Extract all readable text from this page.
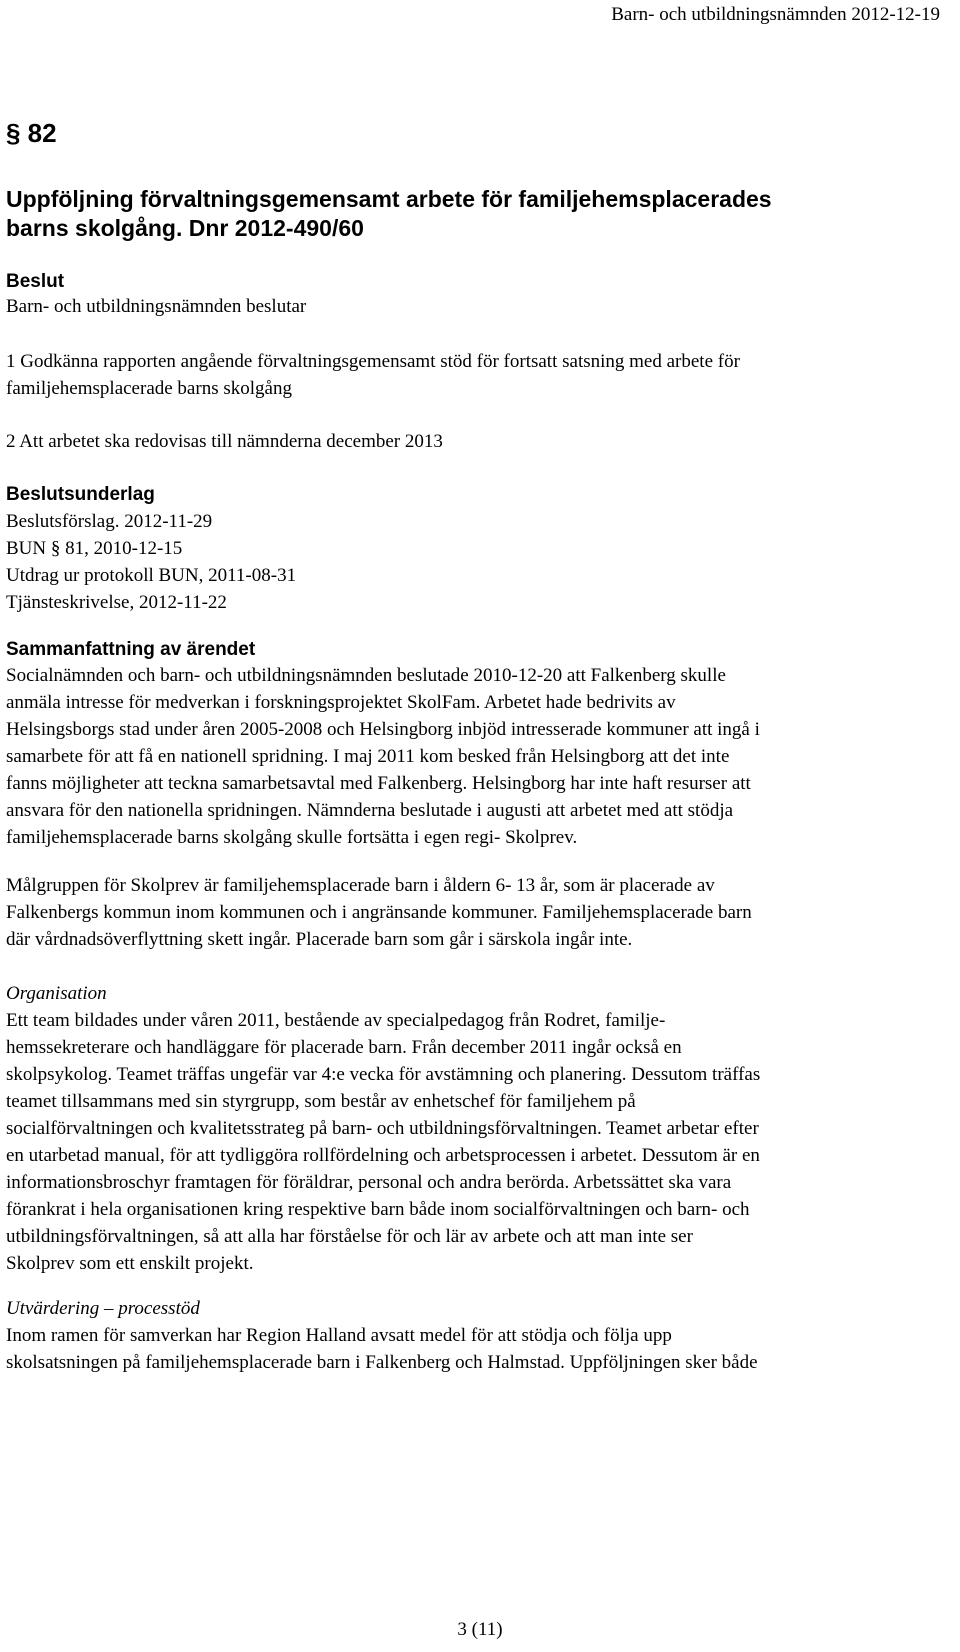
Barn- och utbildningsnämnden 2012-12-19
§ 82
Uppföljning förvaltningsgemensamt arbete för familjehemsplacerades
barns skolgång. Dnr 2012-490/60
Beslut
Barn- och utbildningsnämnden beslutar
1 Godkänna rapporten angående förvaltningsgemensamt stöd för fortsatt satsning med arbete för
familjehemsplacerade barns skolgång
2 Att arbetet ska redovisas till nämnderna december 2013
Beslutsunderlag
Beslutsförslag. 2012-11-29
BUN § 81, 2010-12-15
Utdrag ur protokoll BUN, 2011-08-31
Tjänsteskrivelse, 2012-11-22
Sammanfattning av ärendet

Socialnämnden och barn- och utbildningsnämnden beslutade 2010-12-20 att Falkenberg skulle
anmäla intresse för medverkan i forskningsprojektet SkolFam. Arbetet hade bedrivits av
Helsingsborgs stad under åren 2005-2008 och Helsingborg inbjöd intresserade kommuner att ingå i
samarbete för att få en nationell spridning. I maj 2011 kom besked från Helsingborg att det inte
fanns möjligheter att teckna samarbetsavtal med Falkenberg. Helsingborg har inte haft resurser att
ansvara för den nationella spridningen. Nämnderna beslutade i augusti att arbetet med att stödja
familjehemsplacerade barns skolgång skulle fortsätta i egen regi- Skolprev.

Målgruppen för Skolprev är familjehemsplacerade barn i åldern 6- 13 år, som är placerade av
Falkenbergs kommun inom kommunen och i angränsande kommuner. Familjehemsplacerade barn
där vårdnadsöverflyttning skett ingår. Placerade barn som går i särskola ingår inte.

Organisation

Ett team bildades under våren 2011, bestående av specialpedagog från Rodret, familje-
hemssekreterare och handläggare för placerade barn. Från december 2011 ingår också en
skolpsykolog. Teamet träffas ungefär var 4:e vecka för avstämning och planering. Dessutom träffas
teamet tillsammans med sin styrgrupp, som består av enhetschef för familjehem på
socialförvaltningen och kvalitetsstrateg på barn- och utbildningsförvaltningen. Teamet arbetar efter
en utarbetad manual, för att tydliggöra rollfördelning och arbetsprocessen i arbetet. Dessutom är en
informationsbroschyr framtagen för föräldrar, personal och andra berörda. Arbetssättet ska vara
förankrat i hela organisationen kring respektive barn både inom socialförvaltningen och barn- och
utbildningsförvaltningen, så att alla har förståelse för och lär av arbete och att man inte ser
Skolprev som ett enskilt projekt.

Utvärdering – processtöd

Inom ramen för samverkan har Region Halland avsatt medel för att stödja och följa upp
skolsatsningen på familjehemsplacerade barn i Falkenberg och Halmstad. Uppföljningen sker både

3 (11)
